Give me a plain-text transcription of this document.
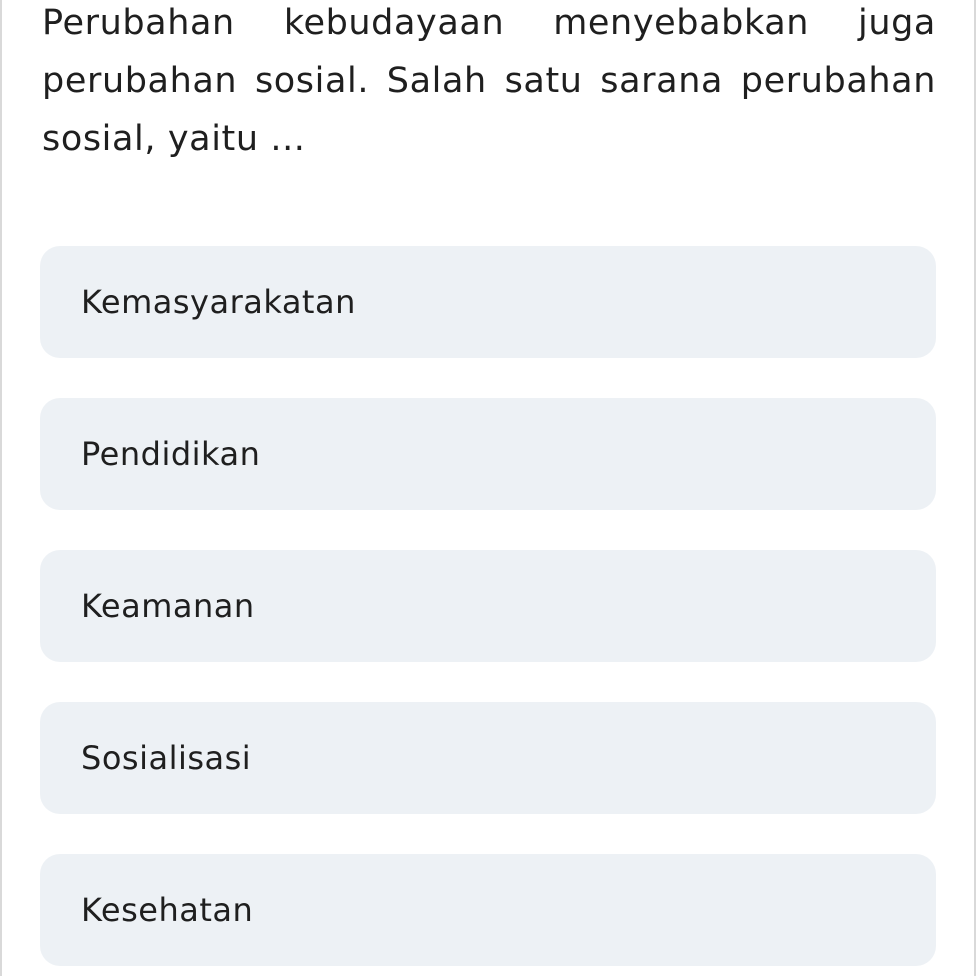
Perubahan kebudayaan menyebabkan juga perubahan sosial. Salah satu sarana perubahan sosial, yaitu ...

Kemasyarakatan
Pendidikan
Keamanan
Sosialisasi
Kesehatan
